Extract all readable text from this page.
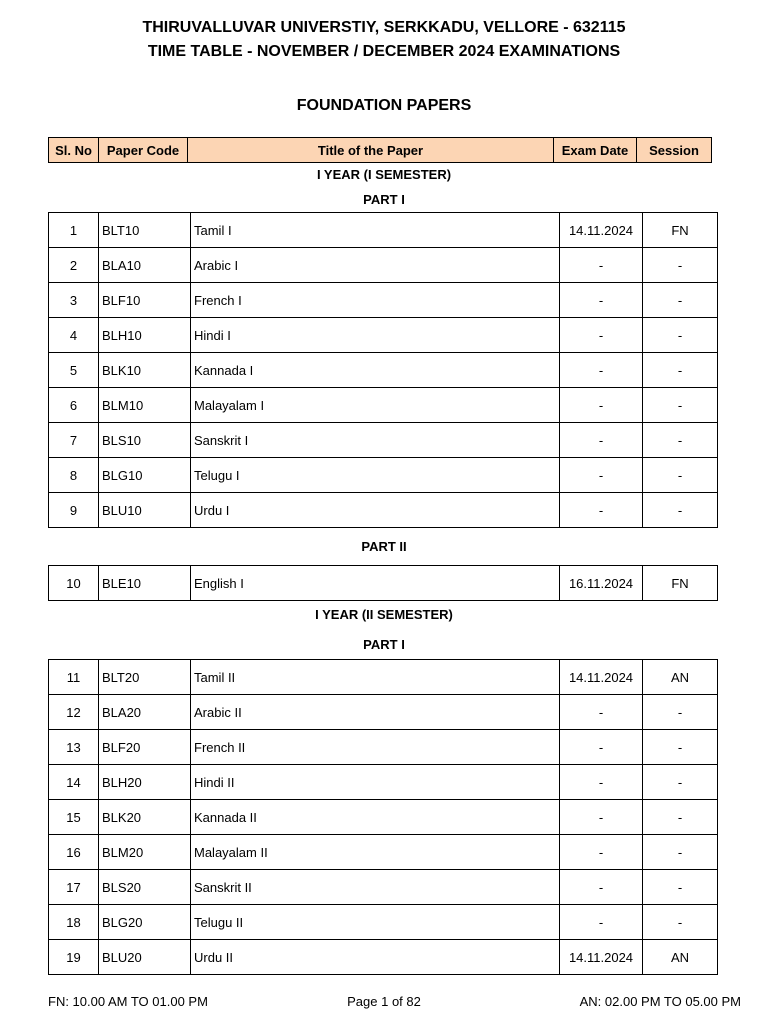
THIRUVALLUVAR UNIVERSTIY, SERKKADU, VELLORE - 632115
TIME TABLE - NOVEMBER / DECEMBER 2024 EXAMINATIONS
FOUNDATION PAPERS
Sl. No	Paper Code	Title of the Paper	Exam Date	Session
I YEAR (I SEMESTER)
PART I
1	BLT10	Tamil I	14.11.2024	FN
2	BLA10	Arabic I	-	-
3	BLF10	French I	-	-
4	BLH10	Hindi I	-	-
5	BLK10	Kannada I	-	-
6	BLM10	Malayalam I	-	-
7	BLS10	Sanskrit I	-	-
8	BLG10	Telugu I	-	-
9	BLU10	Urdu I	-	-
PART II
10	BLE10	English I	16.11.2024	FN
I YEAR (II SEMESTER)
PART I
11	BLT20	Tamil II	14.11.2024	AN
12	BLA20	Arabic II	-	-
13	BLF20	French II	-	-
14	BLH20	Hindi II	-	-
15	BLK20	Kannada II	-	-
16	BLM20	Malayalam II	-	-
17	BLS20	Sanskrit II	-	-
18	BLG20	Telugu II	-	-
19	BLU20	Urdu II	14.11.2024	AN
FN: 10.00 AM TO 01.00 PM	Page 1 of 82	AN: 02.00 PM TO 05.00 PM
